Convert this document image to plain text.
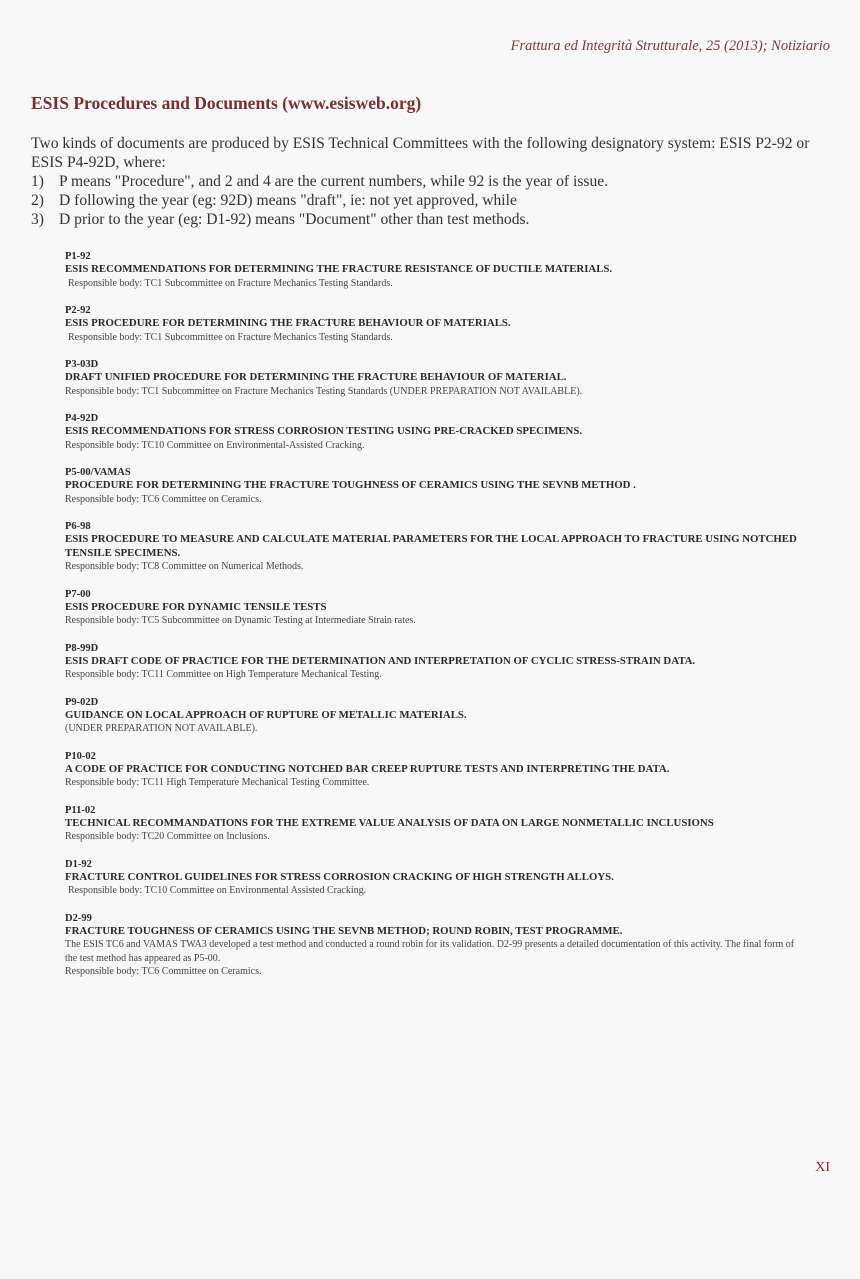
Frattura ed Integrità Strutturale, 25 (2013); Notiziario
ESIS Procedures and Documents (www.esisweb.org)

Two kinds of documents are produced by ESIS Technical Committees with the following designatory system: ESIS P2-92 or ESIS P4-92D, where:

1) P means "Procedure", and 2 and 4 are the current numbers, while 92 is the year of issue.
2) D following the year (eg: 92D) means "draft", ie: not yet approved, while
3) D prior to the year (eg: D1-92) means "Document" other than test methods.
P1-92
ESIS RECOMMENDATIONS FOR DETERMINING THE FRACTURE RESISTANCE OF DUCTILE MATERIALS.
Responsible body: TC1 Subcommittee on Fracture Mechanics Testing Standards.
P2-92
ESIS PROCEDURE FOR DETERMINING THE FRACTURE BEHAVIOUR OF MATERIALS.
Responsible body: TC1 Subcommittee on Fracture Mechanics Testing Standards.
P3-03D
DRAFT UNIFIED PROCEDURE FOR DETERMINING THE FRACTURE BEHAVIOUR OF MATERIAL.
Responsible body: TC1 Subcommittee on Fracture Mechanics Testing Standards (UNDER PREPARATION NOT AVAILABLE).
P4-92D
ESIS RECOMMENDATIONS FOR STRESS CORROSION TESTING USING PRE-CRACKED SPECIMENS.
Responsible body: TC10 Committee on Environmental-Assisted Cracking.
P5-00/VAMAS
PROCEDURE FOR DETERMINING THE FRACTURE TOUGHNESS OF CERAMICS USING THE SEVNB METHOD .
Responsible body: TC6 Committee on Ceramics.
P6-98
ESIS PROCEDURE TO MEASURE AND CALCULATE MATERIAL PARAMETERS FOR THE LOCAL APPROACH TO FRACTURE USING NOTCHED TENSILE SPECIMENS.
Responsible body: TC8 Committee on Numerical Methods.
P7-00
ESIS PROCEDURE FOR DYNAMIC TENSILE TESTS
Responsible body: TC5 Subcommittee on Dynamic Testing at Intermediate Strain rates.
P8-99D
ESIS DRAFT CODE OF PRACTICE FOR THE DETERMINATION AND INTERPRETATION OF CYCLIC STRESS-STRAIN DATA.
Responsible body: TC11 Committee on High Temperature Mechanical Testing.
P9-02D
GUIDANCE ON LOCAL APPROACH OF RUPTURE OF METALLIC MATERIALS.
(UNDER PREPARATION NOT AVAILABLE).
P10-02
A CODE OF PRACTICE FOR CONDUCTING NOTCHED BAR CREEP RUPTURE TESTS AND INTERPRETING THE DATA.
Responsible body: TC11 High Temperature Mechanical Testing Committee.
P11-02
TECHNICAL RECOMMANDATIONS FOR THE EXTREME VALUE ANALYSIS OF DATA ON LARGE NONMETALLIC INCLUSIONS
Responsible body: TC20 Committee on Inclusions.
D1-92
FRACTURE CONTROL GUIDELINES FOR STRESS CORROSION CRACKING OF HIGH STRENGTH ALLOYS.
Responsible body: TC10 Committee on Environmental Assisted Cracking.
D2-99
FRACTURE TOUGHNESS OF CERAMICS USING THE SEVNB METHOD; ROUND ROBIN, TEST PROGRAMME.
The ESIS TC6 and VAMAS TWA3 developed a test method and conducted a round robin for its validation. D2-99 presents a detailed documentation of this activity. The final form of the test method has appeared as P5-00.
Responsible body: TC6 Committee on Ceramics.
XI
